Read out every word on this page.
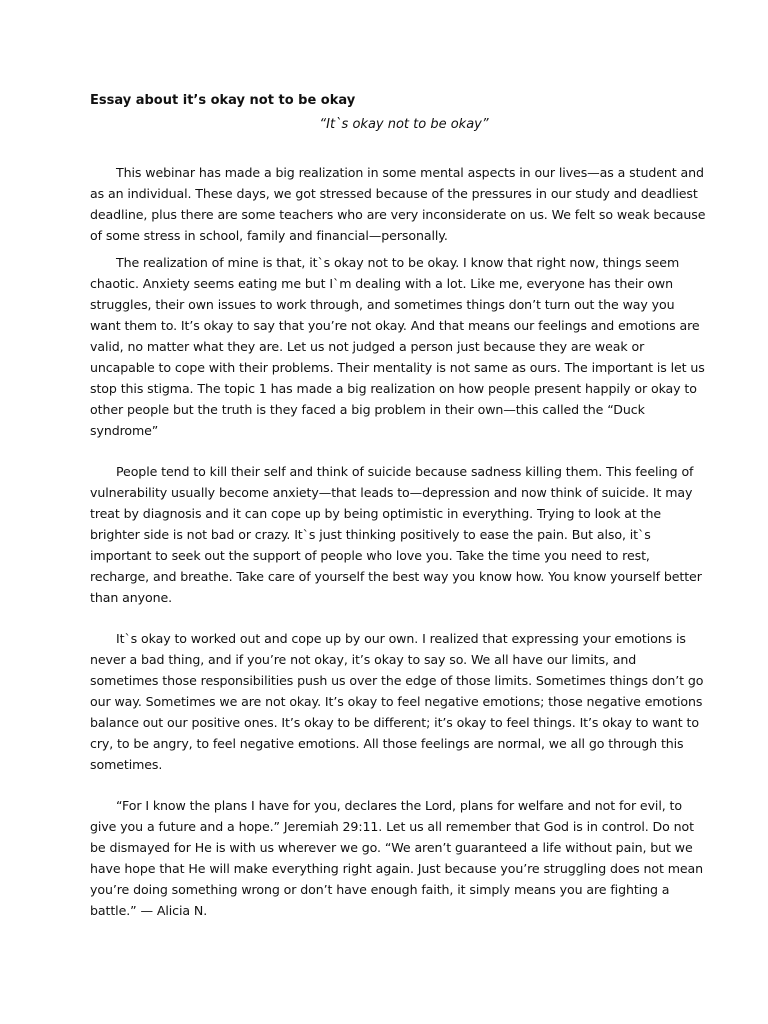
Essay about it’s okay not to be okay

“It`s okay not to be okay”

This webinar has made a big realization in some mental aspects in our lives—as a student and as an individual. These days, we got stressed because of the pressures in our study and deadliest deadline, plus there are some teachers who are very inconsiderate on us. We felt so weak because of some stress in school, family and financial—personally.

The realization of mine is that, it`s okay not to be okay. I know that right now, things seem chaotic. Anxiety seems eating me but I`m dealing with a lot. Like me, everyone has their own struggles, their own issues to work through, and sometimes things don’t turn out the way you want them to. It’s okay to say that you’re not okay. And that means our feelings and emotions are valid, no matter what they are. Let us not judged a person just because they are weak or uncapable to cope with their problems. Their mentality is not same as ours. The important is let us stop this stigma. The topic 1 has made a big realization on how people present happily or okay to other people but the truth is they faced a big problem in their own—this called the “Duck syndrome”

People tend to kill their self and think of suicide because sadness killing them. This feeling of vulnerability usually become anxiety—that leads to—depression and now think of suicide. It may treat by diagnosis and it can cope up by being optimistic in everything. Trying to look at the brighter side is not bad or crazy. It`s just thinking positively to ease the pain. But also, it`s important to seek out the support of people who love you. Take the time you need to rest, recharge, and breathe. Take care of yourself the best way you know how. You know yourself better than anyone.

It`s okay to worked out and cope up by our own. I realized that expressing your emotions is never a bad thing, and if you’re not okay, it’s okay to say so. We all have our limits, and sometimes those responsibilities push us over the edge of those limits. Sometimes things don’t go our way. Sometimes we are not okay. It’s okay to feel negative emotions; those negative emotions balance out our positive ones. It’s okay to be different; it’s okay to feel things. It’s okay to want to cry, to be angry, to feel negative emotions. All those feelings are normal, we all go through this sometimes.

“For I know the plans I have for you, declares the Lord, plans for welfare and not for evil, to give you a future and a hope.” Jeremiah 29:11. Let us all remember that God is in control. Do not be dismayed for He is with us wherever we go. “We aren’t guaranteed a life without pain, but we have hope that He will make everything right again. Just because you’re struggling does not mean you’re doing something wrong or don’t have enough faith, it simply means you are fighting a battle.” — Alicia N.
